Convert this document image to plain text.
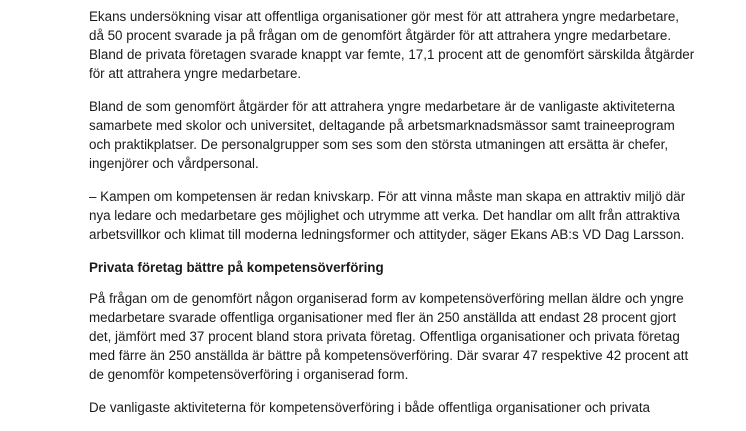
Ekans undersökning visar att offentliga organisationer gör mest för att attrahera yngre medarbetare,
då 50 procent svarade ja på frågan om de genomfört åtgärder för att attrahera yngre medarbetare.
Bland de privata företagen svarade knappt var femte, 17,1 procent att de genomfört särskilda åtgärder
för att attrahera yngre medarbetare.

Bland de som genomfört åtgärder för att attrahera yngre medarbetare är de vanligaste aktiviteterna
samarbete med skolor och universitet, deltagande på arbetsmarknadsmässor samt traineeprogram
och praktikplatser. De personalgrupper som ses som den största utmaningen att ersätta är chefer,
ingenjörer och vårdpersonal.

– Kampen om kompetensen är redan knivskarp. För att vinna måste man skapa en attraktiv miljö där
nya ledare och medarbetare ges möjlighet och utrymme att verka. Det handlar om allt från attraktiva
arbetsvillkor och klimat till moderna ledningsformer och attityder, säger Ekans AB:s VD Dag Larsson.

Privata företag bättre på kompetensöverföring

På frågan om de genomfört någon organiserad form av kompetensöverföring mellan äldre och yngre
medarbetare svarade offentliga organisationer med fler än 250 anställda att endast 28 procent gjort
det, jämfört med 37 procent bland stora privata företag. Offentliga organisationer och privata företag
med färre än 250 anställda är bättre på kompetensöverföring. Där svarar 47 respektive 42 procent att
de genomför kompetensöverföring i organiserad form.

De vanligaste aktiviteterna för kompetensöverföring i både offentliga organisationer och privata
